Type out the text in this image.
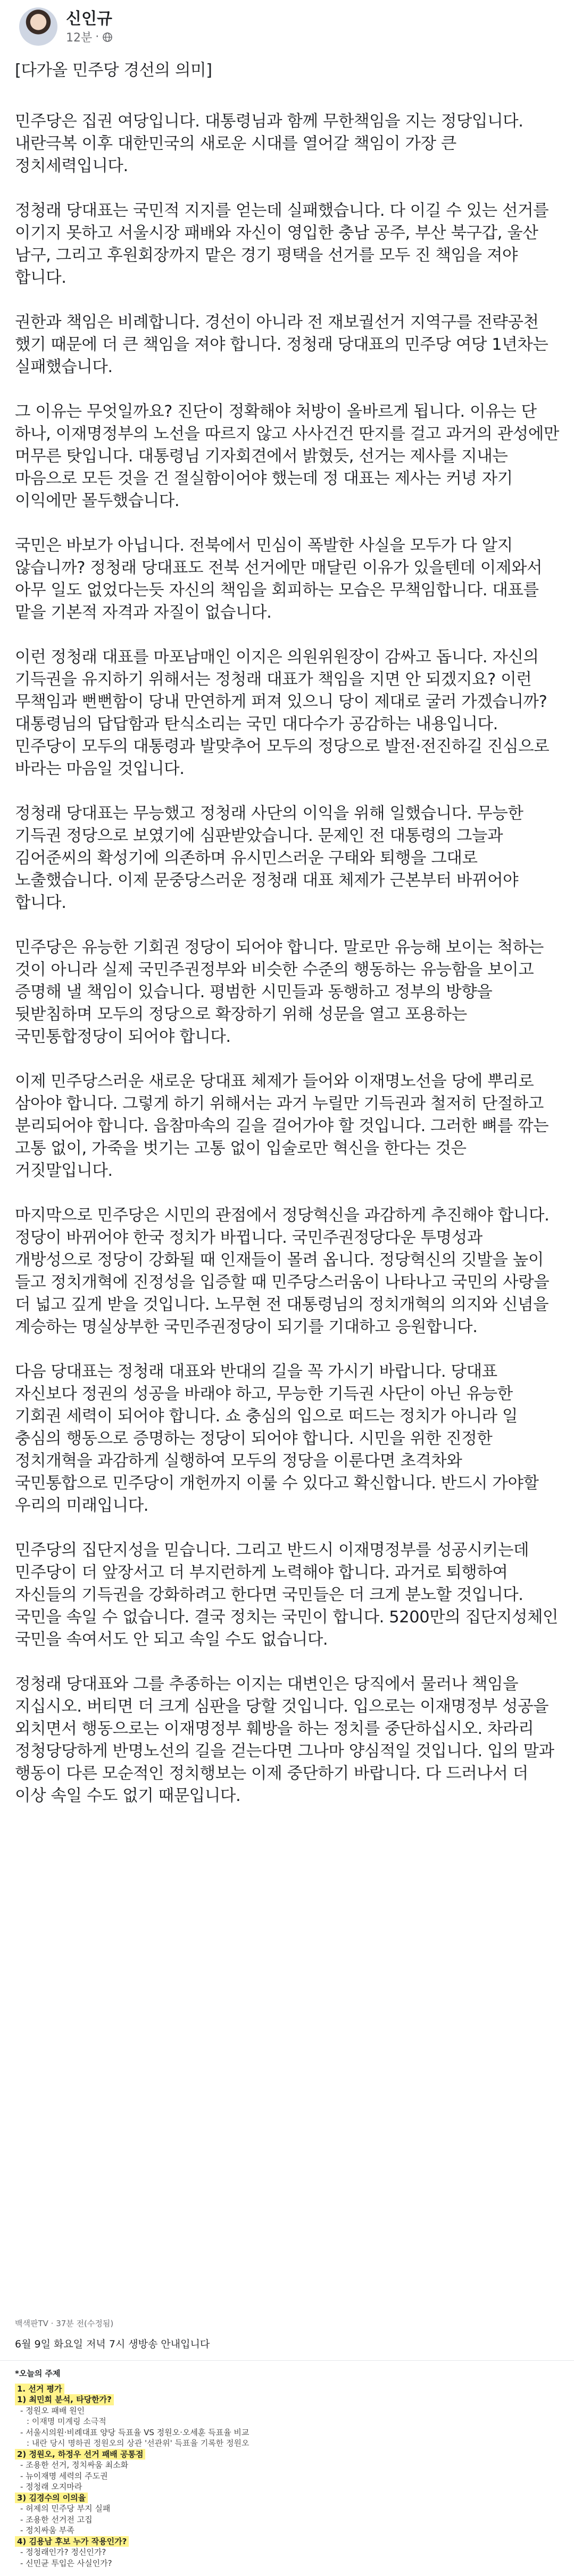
신인규
12분 ·

[다가올 민주당 경선의 의미]

민주당은 집권 여당입니다. 대통령님과 함께 무한책임을 지는 정당입니다. 내란극복 이후 대한민국의 새로운 시대를 열어갈 책임이 가장 큰 정치세력입니다.

정청래 당대표는 국민적 지지를 얻는데 실패했습니다. 다 이길 수 있는 선거를 이기지 못하고 서울시장 패배와 자신이 영입한 충남 공주, 부산 북구갑, 울산 남구, 그리고 후원회장까지 맡은 경기 평택을 선거를 모두 진 책임을 져야 합니다.

권한과 책임은 비례합니다. 경선이 아니라 전 재보궐선거 지역구를 전략공천 했기 때문에 더 큰 책임을 져야 합니다. 정청래 당대표의 민주당 여당 1년차는 실패했습니다.

그 이유는 무엇일까요? 진단이 정확해야 처방이 올바르게 됩니다. 이유는 단 하나, 이재명정부의 노선을 따르지 않고 사사건건 딴지를 걸고 과거의 관성에만 머무른 탓입니다. 대통령님 기자회견에서 밝혔듯, 선거는 제사를 지내는 마음으로 모든 것을 건 절실함이어야 했는데 정 대표는 제사는 커녕 자기 이익에만 몰두했습니다.

국민은 바보가 아닙니다. 전북에서 민심이 폭발한 사실을 모두가 다 알지 않습니까? 정청래 당대표도 전북 선거에만 매달린 이유가 있을텐데 이제와서 아무 일도 없었다는듯 자신의 책임을 회피하는 모습은 무책임합니다. 대표를 맡을 기본적 자격과 자질이 없습니다.

이런 정청래 대표를 마포남매인 이지은 의원위원장이 감싸고 돕니다. 자신의 기득권을 유지하기 위해서는 정청래 대표가 책임을 지면 안 되겠지요? 이런 무책임과 뻔뻔함이 당내 만연하게 퍼져 있으니 당이 제대로 굴러 가겠습니까? 대통령님의 답답함과 탄식소리는 국민 대다수가 공감하는 내용입니다. 민주당이 모두의 대통령과 발맞추어 모두의 정당으로 발전·전진하길 진심으로 바라는 마음일 것입니다.

정청래 당대표는 무능했고 정청래 사단의 이익을 위해 일했습니다. 무능한 기득권 정당으로 보였기에 심판받았습니다. 문제인 전 대통령의 그늘과 김어준씨의 확성기에 의존하며 유시민스러운 구태와 퇴행을 그대로 노출했습니다. 이제 문중당스러운 정청래 대표 체제가 근본부터 바뀌어야 합니다.

민주당은 유능한 기회권 정당이 되어야 합니다. 말로만 유능해 보이는 척하는 것이 아니라 실제 국민주권정부와 비슷한 수준의 행동하는 유능함을 보이고 증명해 낼 책임이 있습니다. 평범한 시민들과 동행하고 정부의 방향을 뒷받침하며 모두의 정당으로 확장하기 위해 성문을 열고 포용하는 국민통합정당이 되어야 합니다.

이제 민주당스러운 새로운 당대표 체제가 들어와 이재명노선을 당에 뿌리로 삼아야 합니다. 그렇게 하기 위해서는 과거 누릴만 기득권과 철저히 단절하고 분리되어야 합니다. 읍참마속의 길을 걸어가야 할 것입니다. 그러한 뼈를 깎는 고통 없이, 가죽을 벗기는 고통 없이 입술로만 혁신을 한다는 것은 거짓말입니다.

마지막으로 민주당은 시민의 관점에서 정당혁신을 과감하게 추진해야 합니다. 정당이 바뀌어야 한국 정치가 바뀝니다. 국민주권정당다운 투명성과 개방성으로 정당이 강화될 때 인재들이 몰려 옵니다. 정당혁신의 깃발을 높이 들고 정치개혁에 진정성을 입증할 때 민주당스러움이 나타나고 국민의 사랑을 더 넓고 깊게 받을 것입니다. 노무현 전 대통령님의 정치개혁의 의지와 신념을 계승하는 명실상부한 국민주권정당이 되기를 기대하고 응원합니다.

다음 당대표는 정청래 대표와 반대의 길을 꼭 가시기 바랍니다. 당대표 자신보다 정권의 성공을 바래야 하고, 무능한 기득권 사단이 아닌 유능한 기회권 세력이 되어야 합니다. 쇼 충심의 입으로 떠드는 정치가 아니라 일 충심의 행동으로 증명하는 정당이 되어야 합니다. 시민을 위한 진정한 정치개혁을 과감하게 실행하여 모두의 정당을 이룬다면 초격차와 국민통합으로 민주당이 개헌까지 이룰 수 있다고 확신합니다. 반드시 가야할 우리의 미래입니다.

민주당의 집단지성을 믿습니다. 그리고 반드시 이재명정부를 성공시키는데 민주당이 더 앞장서고 더 부지런하게 노력해야 합니다. 과거로 퇴행하여 자신들의 기득권을 강화하려고 한다면 국민들은 더 크게 분노할 것입니다. 국민을 속일 수 없습니다. 결국 정치는 국민이 합니다. 5200만의 집단지성체인 국민을 속여서도 안 되고 속일 수도 없습니다.

정청래 당대표와 그를 추종하는 이지는 대변인은 당직에서 물러나 책임을 지십시오. 버티면 더 크게 심판을 당할 것입니다. 입으로는 이재명정부 성공을 외치면서 행동으로는 이재명정부 훼방을 하는 정치를 중단하십시오. 차라리 정청당당하게 반명노선의 길을 걷는다면 그나마 양심적일 것입니다. 입의 말과 행동이 다른 모순적인 정치행보는 이제 중단하기 바랍니다. 다 드러나서 더 이상 속일 수도 없기 때문입니다.

백색판TV · 37분 전(수정됨)
6월 9일 화요일 저녁 7시 생방송 안내입니다
*오늘의 주제
1. 선거 평가
1) 최민희 분석, 타당한가?
- 정원오 패배 원인
: 이재명 미계링 소극적
- 서울시의원·비례대표 양당 득표율 VS 정원오·오세훈 득표율 비교
: 내란 당시 명하권 정원오의 상관 '선관위' 득표율 기록한 정원오
2) 정원오, 하정우 선거 패배 공통점
- 조용한 선거, 정치싸움 최소화
- 뉴이재명 세력의 주도권
- 정청래 오지마라
3) 김경수의 이의율
- 허제의 민주당 부지 실패
- 조용한 선거전 고집
- 정치싸움 부족
4) 김용남 후보 누가 작용인가?
- 정청래인가? 정신인가?
- 신민균 투입은 사실인가?
